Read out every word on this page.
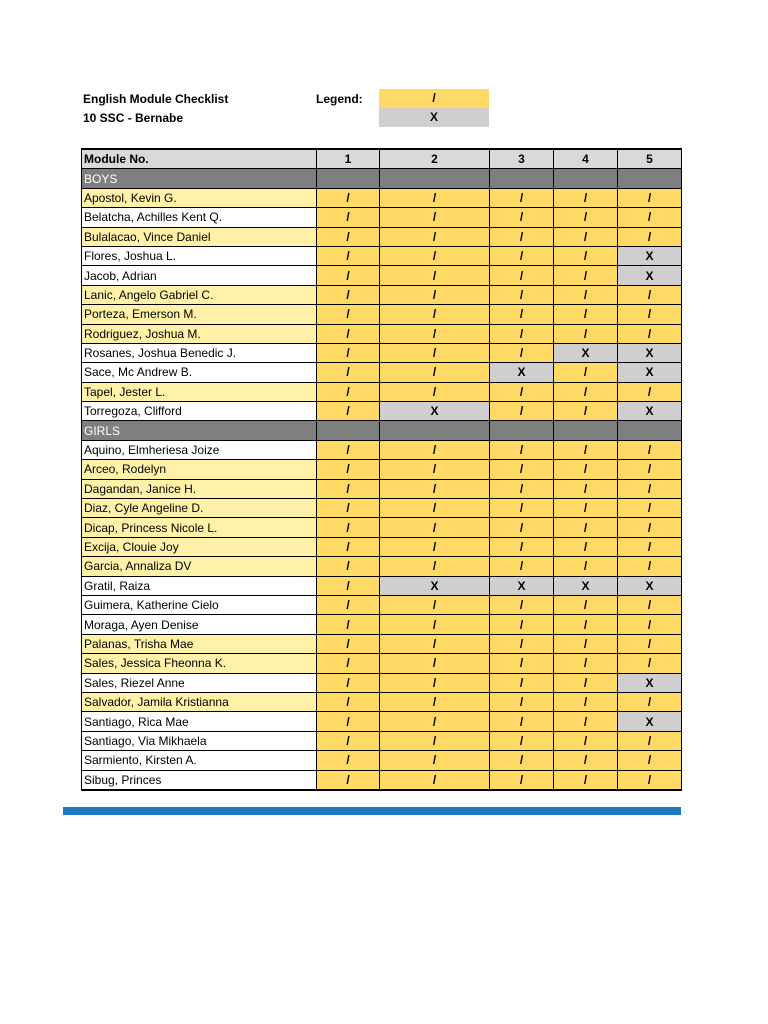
English Module Checklist
10 SSC - Bernabe
Legend:	/
X
Module No.	1	2	3	4	5
BOYS					
Apostol, Kevin G.	/	/	/	/	/
Belatcha, Achilles Kent Q.	/	/	/	/	/
Bulalacao, Vince Daniel	/	/	/	/	/
Flores, Joshua L.	/	/	/	/	X
Jacob, Adrian	/	/	/	/	X
Lanic, Angelo Gabriel C.	/	/	/	/	/
Porteza, Emerson M.	/	/	/	/	/
Rodriguez, Joshua M.	/	/	/	/	/
Rosanes, Joshua Benedic J.	/	/	/	X	X
Sace, Mc Andrew B.	/	/	X	/	X
Tapel, Jester L.	/	/	/	/	/
Torregoza, Clifford	/	X	/	/	X
GIRLS					
Aquino, Elmheriesa Joize	/	/	/	/	/
Arceo, Rodelyn	/	/	/	/	/
Dagandan, Janice H.	/	/	/	/	/
Diaz, Cyle Angeline D.	/	/	/	/	/
Dicap, Princess Nicole L.	/	/	/	/	/
Excija, Clouie Joy	/	/	/	/	/
Garcia, Annaliza DV	/	/	/	/	/
Gratil, Raiza	/	X	X	X	X
Guimera, Katherine Cielo	/	/	/	/	/
Moraga, Ayen Denise	/	/	/	/	/
Palanas, Trisha Mae	/	/	/	/	/
Sales, Jessica Fheonna K.	/	/	/	/	/
Sales, Riezel Anne	/	/	/	/	X
Salvador, Jamila Kristianna	/	/	/	/	/
Santiago, Rica Mae	/	/	/	/	X
Santiago, Via Mikhaela	/	/	/	/	/
Sarmiento, Kirsten A.	/	/	/	/	/
Sibug, Princes	/	/	/	/	/
